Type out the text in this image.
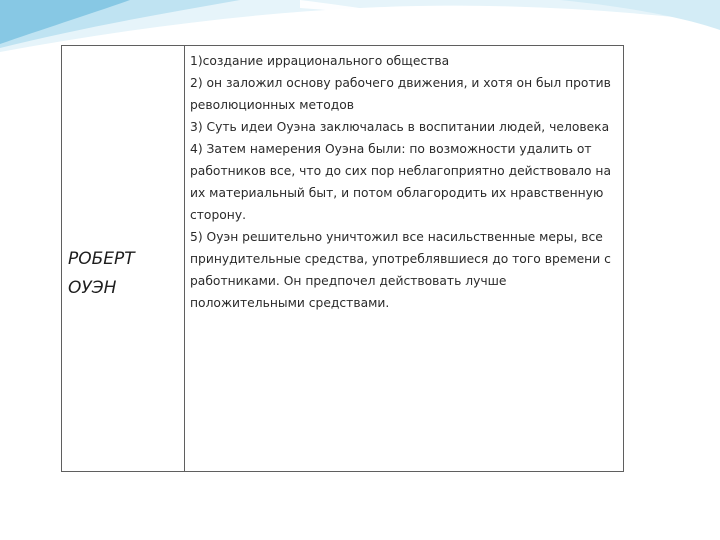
РОБЕРТ
ОУЭН

1)создание иррационального общества

2) он заложил основу рабочего движения, и хотя он был против революционных методов

3) Суть идеи Оуэна заключалась в воспитании людей, человека

4) Затем намерения Оуэна были: по возможности удалить от работников все, что до сих пор неблагоприятно действовало на их материальный быт, и потом облагородить их нравственную сторону.

5) Оуэн решительно уничтожил все насильственные меры, все принудительные средства, употреблявшиеся до того времени с работниками. Он предпочел действовать лучше положительными средствами.
